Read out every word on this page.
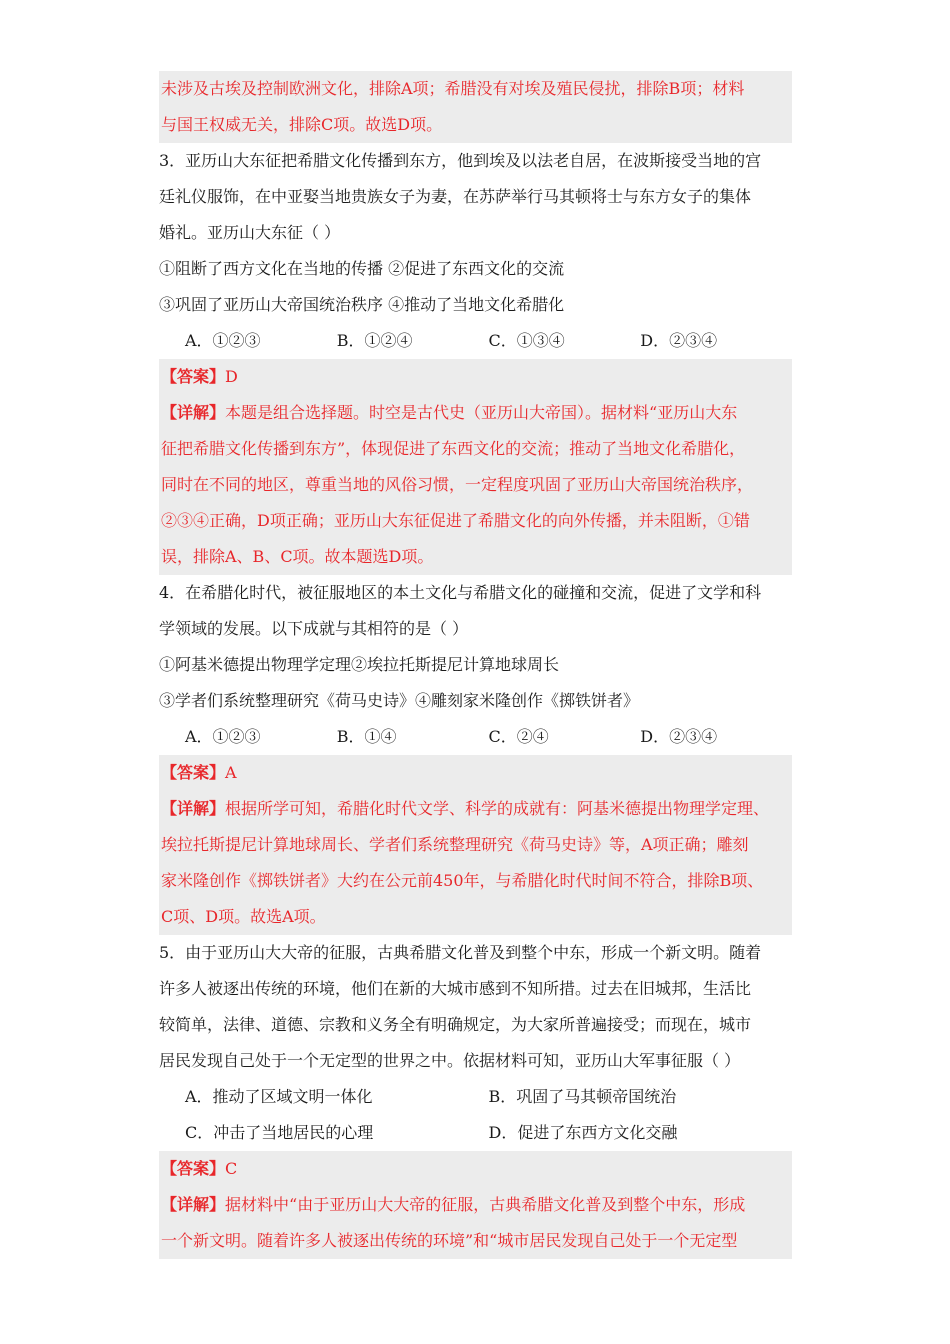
未涉及古埃及控制欧洲文化，排除A项；希腊没有对埃及殖民侵扰，排除B项；材料
与国王权威无关，排除C项。故选D项。
3．亚历山大东征把希腊文化传播到东方，他到埃及以法老自居，在波斯接受当地的宫
廷礼仪服饰，在中亚娶当地贵族女子为妻，在苏萨举行马其顿将士与东方女子的集体
婚礼。亚历山大东征（ ）
①阻断了西方文化在当地的传播 ②促进了东西文化的交流
③巩固了亚历山大帝国统治秩序 ④推动了当地文化希腊化
A．①②③	B．①②④	C．①③④	D．②③④
【答案】D
【详解】本题是组合选择题。时空是古代史（亚历山大帝国）。据材料“亚历山大东
征把希腊文化传播到东方”，体现促进了东西文化的交流；推动了当地文化希腊化，
同时在不同的地区，尊重当地的风俗习惯，一定程度巩固了亚历山大帝国统治秩序，
②③④正确，D项正确；亚历山大东征促进了希腊文化的向外传播，并未阻断，①错
误，排除A、B、C项。故本题选D项。
4．在希腊化时代，被征服地区的本土文化与希腊文化的碰撞和交流，促进了文学和科
学领域的发展。以下成就与其相符的是（ ）
①阿基米德提出物理学定理②埃拉托斯提尼计算地球周长
③学者们系统整理研究《荷马史诗》④雕刻家米隆创作《掷铁饼者》
A．①②③	B．①④	C．②④	D．②③④
【答案】A
【详解】根据所学可知，希腊化时代文学、科学的成就有：阿基米德提出物理学定理、
埃拉托斯提尼计算地球周长、学者们系统整理研究《荷马史诗》等，A项正确；雕刻
家米隆创作《掷铁饼者》大约在公元前450年，与希腊化时代时间不符合，排除B项、
C项、D项。故选A项。
5．由于亚历山大大帝的征服，古典希腊文化普及到整个中东，形成一个新文明。随着
许多人被逐出传统的环境，他们在新的大城市感到不知所措。过去在旧城邦，生活比
较简单，法律、道德、宗教和义务全有明确规定，为大家所普遍接受；而现在，城市
居民发现自己处于一个无定型的世界之中。依据材料可知，亚历山大军事征服（ ）
A．推动了区域文明一体化	B．巩固了马其顿帝国统治
C．冲击了当地居民的心理	D．促进了东西方文化交融
【答案】C
【详解】据材料中“由于亚历山大大帝的征服，古典希腊文化普及到整个中东，形成
一个新文明。随着许多人被逐出传统的环境”和“城市居民发现自己处于一个无定型
